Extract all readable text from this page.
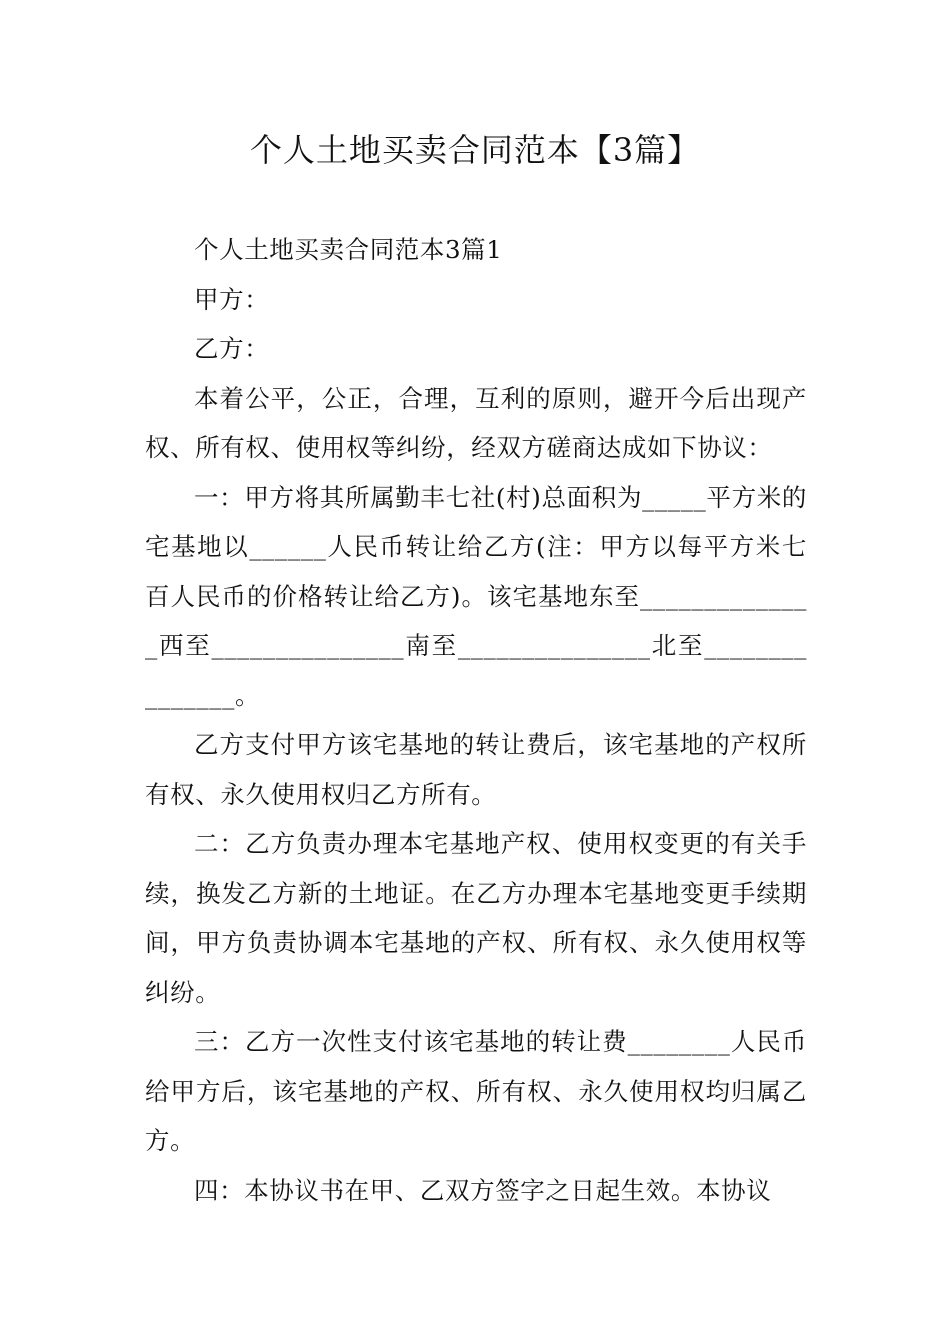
个人土地买卖合同范本【3篇】

个人土地买卖合同范本3篇1

甲方：

乙方：

本着公平，公正，合理，互利的原则，避开今后出现产权、所有权、使用权等纠纷，经双方磋商达成如下协议：

一：甲方将其所属勤丰七社(村)总面积为_____平方米的宅基地以______人民币转让给乙方(注：甲方以每平方米七百人民币的价格转让给乙方)。该宅基地东至______________西至_______________南至_______________北至_______________。

乙方支付甲方该宅基地的转让费后，该宅基地的产权所有权、永久使用权归乙方所有。

二：乙方负责办理本宅基地产权、使用权变更的有关手续，换发乙方新的土地证。在乙方办理本宅基地变更手续期间，甲方负责协调本宅基地的产权、所有权、永久使用权等纠纷。

三：乙方一次性支付该宅基地的转让费________人民币给甲方后，该宅基地的产权、所有权、永久使用权均归属乙方。

四：本协议书在甲、乙双方签字之日起生效。本协议
